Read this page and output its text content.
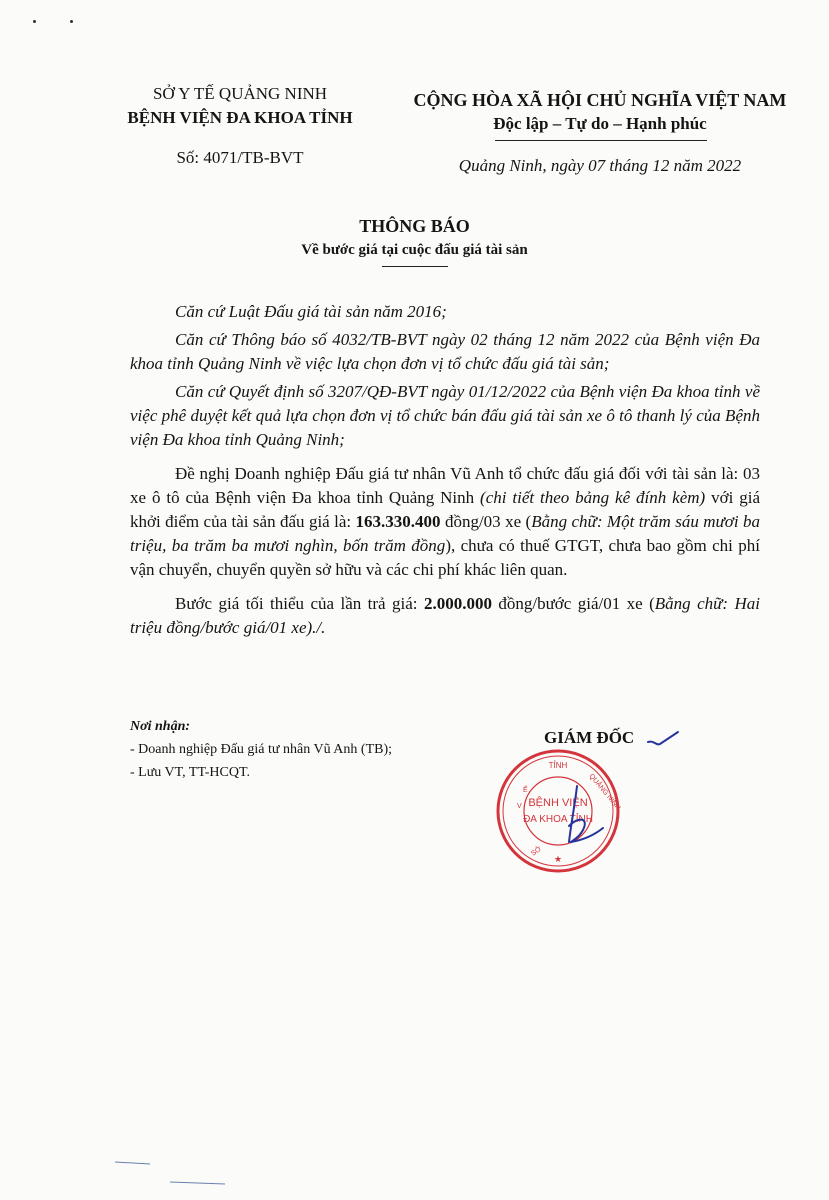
SỞ Y TẾ QUẢNG NINH
BỆNH VIỆN ĐA KHOA TỈNH
Số: 4071/TB-BVT
CỘNG HÒA XÃ HỘI CHỦ NGHĨA VIỆT NAM
Độc lập – Tự do – Hạnh phúc
Quảng Ninh, ngày 07 tháng 12 năm 2022
THÔNG BÁO
Về bước giá tại cuộc đấu giá tài sản

Căn cứ Luật Đấu giá tài sản năm 2016;

Căn cứ Thông báo số 4032/TB-BVT ngày 02 tháng 12 năm 2022 của Bệnh viện Đa khoa tỉnh Quảng Ninh về việc lựa chọn đơn vị tổ chức đấu giá tài sản;

Căn cứ Quyết định số 3207/QĐ-BVT ngày 01/12/2022 của Bệnh viện Đa khoa tỉnh về việc phê duyệt kết quả lựa chọn đơn vị tổ chức bán đấu giá tài sản xe ô tô thanh lý của Bệnh viện Đa khoa tỉnh Quảng Ninh;

Đề nghị Doanh nghiệp Đấu giá tư nhân Vũ Anh tổ chức đấu giá đối với tài sản là: 03 xe ô tô của Bệnh viện Đa khoa tỉnh Quảng Ninh (chi tiết theo bảng kê đính kèm) với giá khởi điểm của tài sản đấu giá là: 163.330.400 đồng/03 xe (Bằng chữ: Một trăm sáu mươi ba triệu, ba trăm ba mươi nghìn, bốn trăm đồng), chưa có thuế GTGT, chưa bao gồm chi phí vận chuyển, chuyển quyền sở hữu và các chi phí khác liên quan.

Bước giá tối thiểu của lần trả giá: 2.000.000 đồng/bước giá/01 xe (Bằng chữ: Hai triệu đồng/bước giá/01 xe)./.

Nơi nhận:
- Doanh nghiệp Đấu giá tư nhân Vũ Anh (TB);
- Lưu VT, TT-HCQT.
GIÁM ĐỐC
TỈNH
QUẢNG NINH
V
Ế
BỆNH VIỆN
ĐA KHOA TỈNH
SỞ
★
